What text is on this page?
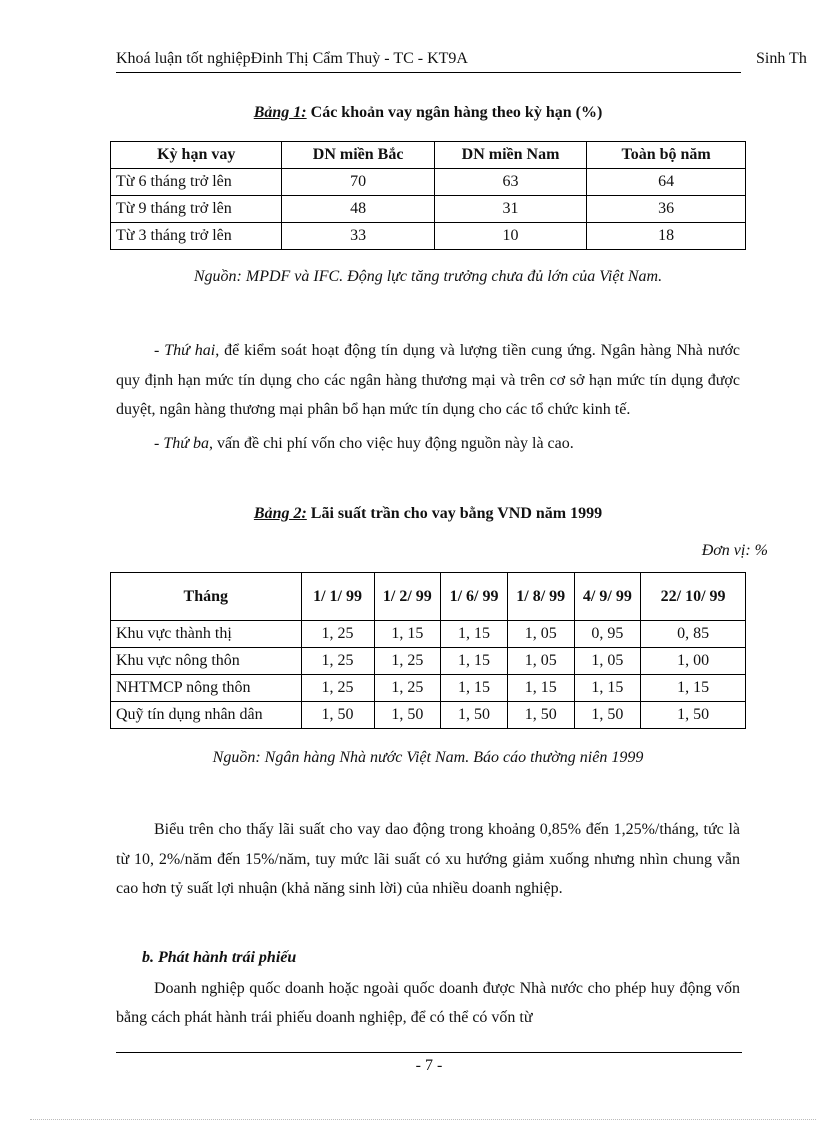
Khoá luận tốt nghiệpĐinh Thị Cẩm Thuỳ - TC - KT9A	Sinh Th
Bảng 1: Các khoản vay ngân hàng theo kỳ hạn (%)
Kỳ hạn vay	DN miền Bắc	DN miền Nam	Toàn bộ năm
Từ 6 tháng trở lên	70	63	64
Từ 9 tháng trở lên	48	31	36
Từ 3 tháng trở lên	33	10	18
Nguồn: MPDF và IFC. Động lực tăng trưởng chưa đủ lớn của Việt Nam.

- Thứ hai, để kiểm soát hoạt động tín dụng và lượng tiền cung ứng. Ngân hàng Nhà nước quy định hạn mức tín dụng cho các ngân hàng thương mại và trên cơ sở hạn mức tín dụng được duyệt, ngân hàng thương mại phân bổ hạn mức tín dụng cho các tổ chức kinh tế.

- Thứ ba, vấn đề chi phí vốn cho việc huy động nguồn này là cao.

Bảng 2: Lãi suất trần cho vay bằng VND năm 1999
Đơn vị: %
Tháng	1/ 1/ 99	1/ 2/ 99	1/ 6/ 99	1/ 8/ 99	4/ 9/ 99	22/ 10/ 99
Khu vực thành thị	1, 25	1, 15	1, 15	1, 05	0, 95	0, 85
Khu vực nông thôn	1, 25	1, 25	1, 15	1, 05	1, 05	1, 00
NHTMCP nông thôn	1, 25	1, 25	1, 15	1, 15	1, 15	1, 15
Quỹ tín dụng nhân dân	1, 50	1, 50	1, 50	1, 50	1, 50	1, 50
Nguồn: Ngân hàng Nhà nước Việt Nam. Báo cáo thường niên 1999

Biểu trên cho thấy lãi suất cho vay dao động trong khoảng 0,85% đến 1,25%/tháng, tức là từ 10, 2%/năm đến 15%/năm, tuy mức lãi suất có xu hướng giảm xuống nhưng nhìn chung vẫn cao hơn tỷ suất lợi nhuận (khả năng sinh lời) của nhiều doanh nghiệp.

b. Phát hành trái phiếu

Doanh nghiệp quốc doanh hoặc ngoài quốc doanh được Nhà nước cho phép huy động vốn bằng cách phát hành trái phiếu doanh nghiệp, để có thể có vốn từ

- 7 -
